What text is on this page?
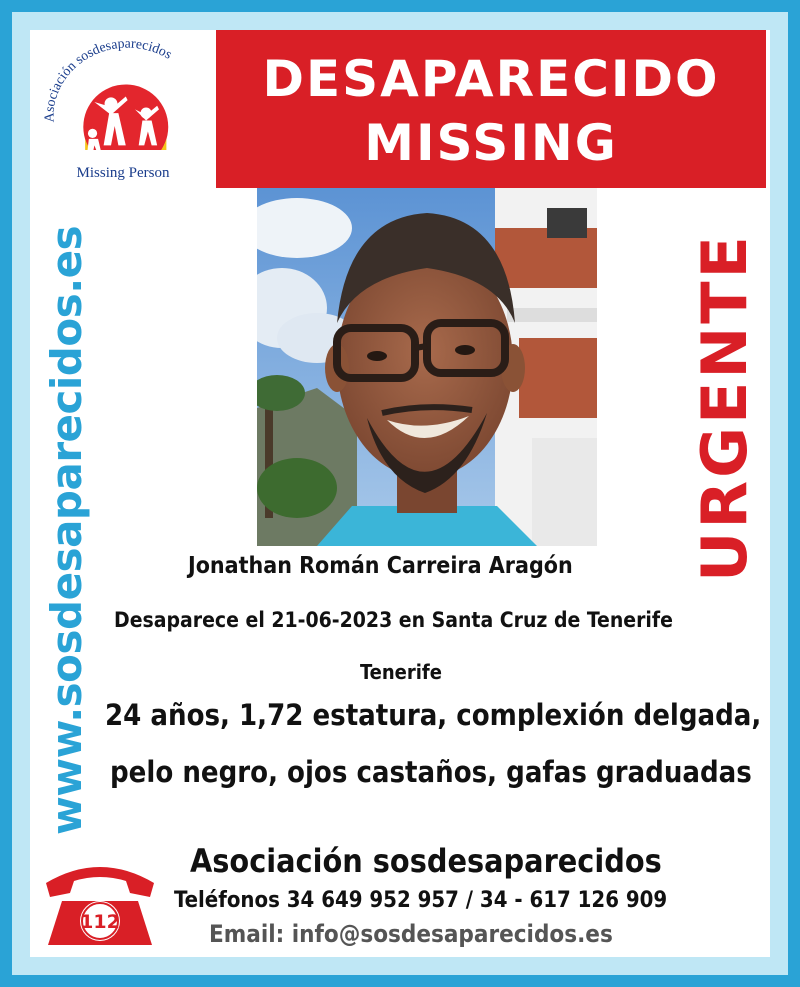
Asociación sosdesaparecidos
Missing Person
DESAPARECIDO
MISSING
www.sosdesaparecidos.es	URGENTE
Jonathan Román Carreira Aragón
Desaparece el 21-06-2023 en Santa Cruz de Tenerife
Tenerife
24 años, 1,72 estatura, complexión delgada,
pelo negro, ojos castaños, gafas graduadas
Asociación sosdesaparecidos
Teléfonos 34 649 952 957 / 34 - 617 126 909
Email: info@sosdesaparecidos.es
112
